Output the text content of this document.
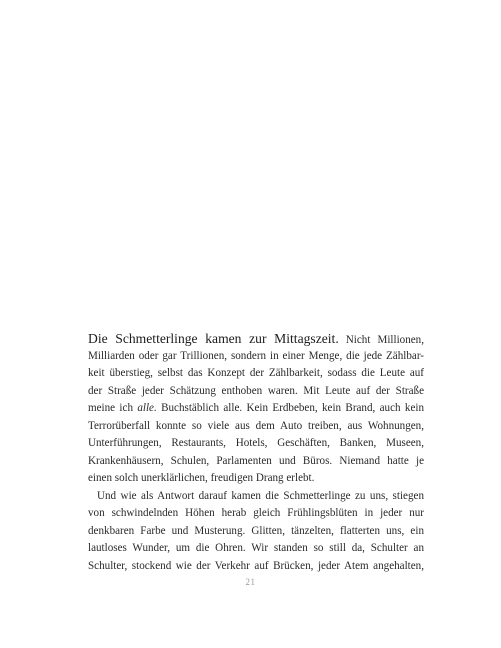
Die Schmetterlinge kamen zur Mittagszeit. Nicht Millionen,
Milliarden oder gar Trillionen, sondern in einer Menge, die jede Zählbar-
keit überstieg, selbst das Konzept der Zählbarkeit, sodass die Leute auf
der Straße jeder Schätzung enthoben waren. Mit Leute auf der Straße
meine ich alle. Buchstäblich alle. Kein Erdbeben, kein Brand, auch kein
Terrorüberfall konnte so viele aus dem Auto treiben, aus Wohnungen,
Unterführungen, Restaurants, Hotels, Geschäften, Banken, Museen,
Krankenhäusern, Schulen, Parlamenten und Büros. Niemand hatte je
einen solch unerklärlichen, freudigen Drang erlebt.
Und wie als Antwort darauf kamen die Schmetterlinge zu uns, stiegen
von schwindelnden Höhen herab gleich Frühlingsblüten in jeder nur
denkbaren Farbe und Musterung. Glitten, tänzelten, flatterten uns, ein
lautloses Wunder, um die Ohren. Wir standen so still da, Schulter an
Schulter, stockend wie der Verkehr auf Brücken, jeder Atem angehalten,
21
